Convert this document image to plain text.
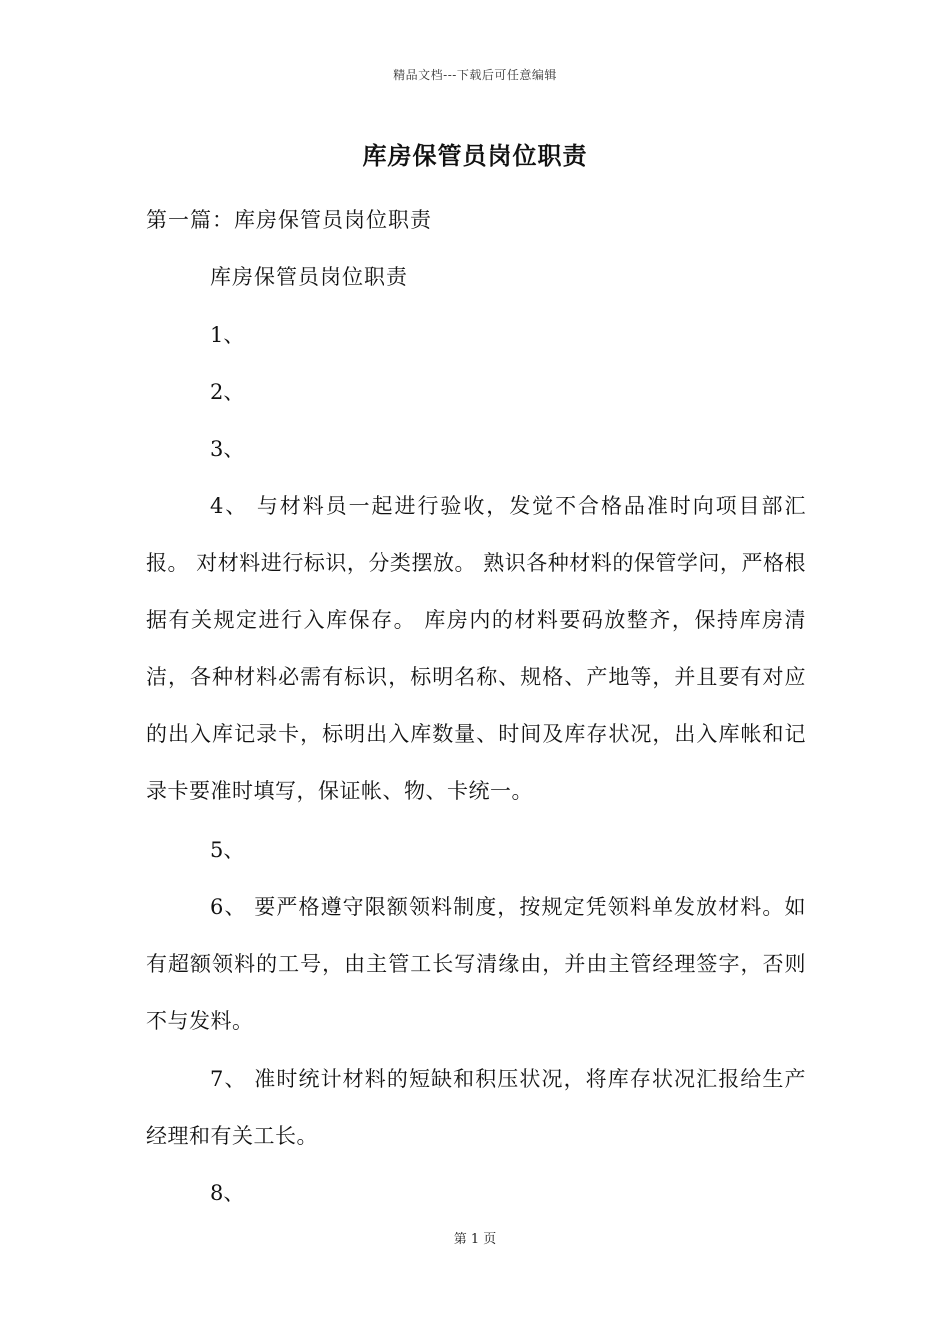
精品文档---下载后可任意编辑
库房保管员岗位职责
第一篇：库房保管员岗位职责
库房保管员岗位职责
1、
2、
3、
4、 与材料员一起进行验收，发觉不合格品准时向项目部汇报。 对材料进行标识，分类摆放。 熟识各种材料的保管学问，严格根据有关规定进行入库保存。 库房内的材料要码放整齐，保持库房清洁，各种材料必需有标识，标明名称、规格、产地等，并且要有对应的出入库记录卡，标明出入库数量、时间及库存状况，出入库帐和记录卡要准时填写，保证帐、物、卡统一。
5、
6、 要严格遵守限额领料制度，按规定凭领料单发放材料。如有超额领料的工号，由主管工长写清缘由，并由主管经理签字，否则不与发料。
7、 准时统计材料的短缺和积压状况，将库存状况汇报给生产经理和有关工长。
8、
第 1 页
